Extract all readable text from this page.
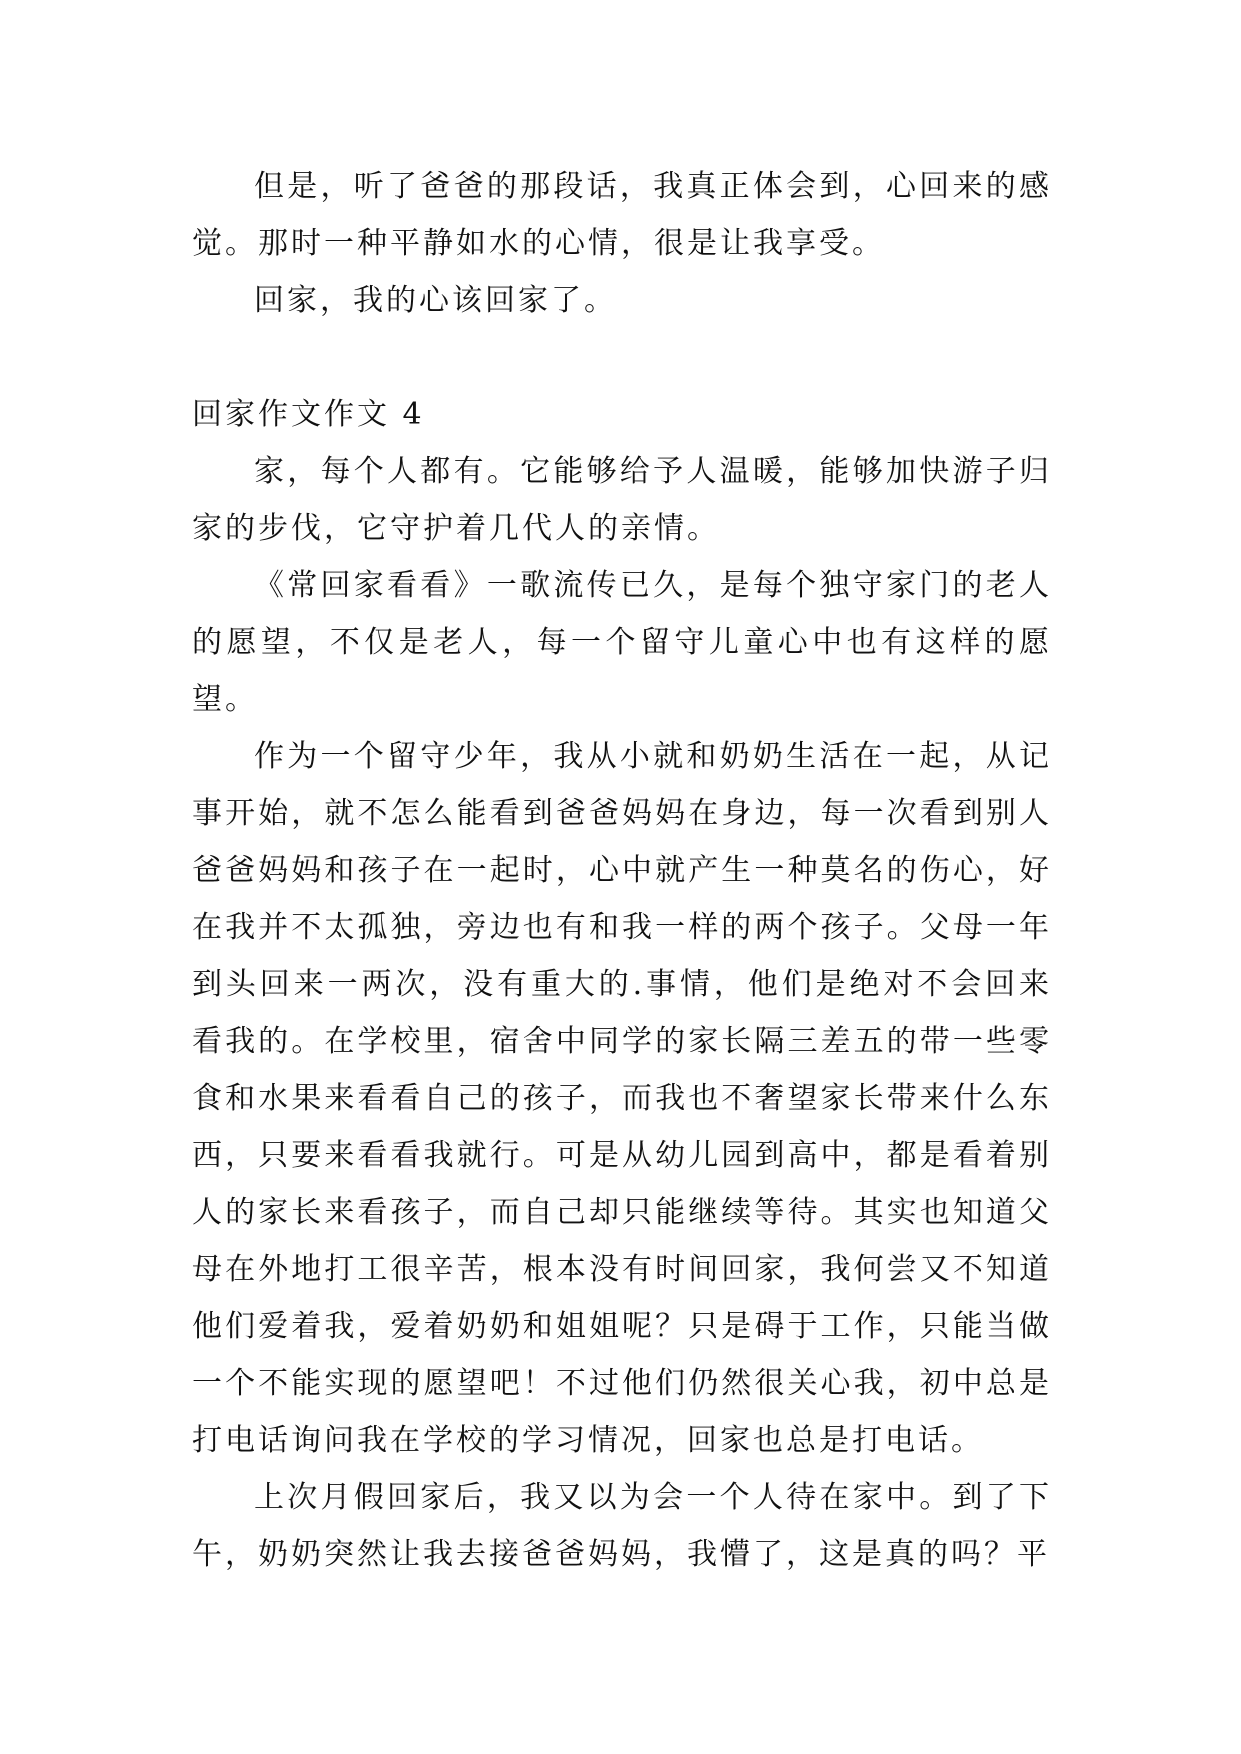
但是，听了爸爸的那段话，我真正体会到，心回来的感觉。那时一种平静如水的心情，很是让我享受。

回家，我的心该回家了。

回家作文作文 4

家，每个人都有。它能够给予人温暖，能够加快游子归家的步伐，它守护着几代人的亲情。

《常回家看看》一歌流传已久，是每个独守家门的老人的愿望，不仅是老人，每一个留守儿童心中也有这样的愿望。

作为一个留守少年，我从小就和奶奶生活在一起，从记事开始，就不怎么能看到爸爸妈妈在身边，每一次看到别人爸爸妈妈和孩子在一起时，心中就产生一种莫名的伤心，好在我并不太孤独，旁边也有和我一样的两个孩子。父母一年到头回来一两次，没有重大的.事情，他们是绝对不会回来看我的。在学校里，宿舍中同学的家长隔三差五的带一些零食和水果来看看自己的孩子，而我也不奢望家长带来什么东西，只要来看看我就行。可是从幼儿园到高中，都是看着别人的家长来看孩子，而自己却只能继续等待。其实也知道父母在外地打工很辛苦，根本没有时间回家，我何尝又不知道他们爱着我，爱着奶奶和姐姐呢？只是碍于工作，只能当做一个不能实现的愿望吧！不过他们仍然很关心我，初中总是打电话询问我在学校的学习情况，回家也总是打电话。

上次月假回家后，我又以为会一个人待在家中。到了下午，奶奶突然让我去接爸爸妈妈，我懵了，这是真的吗？平
